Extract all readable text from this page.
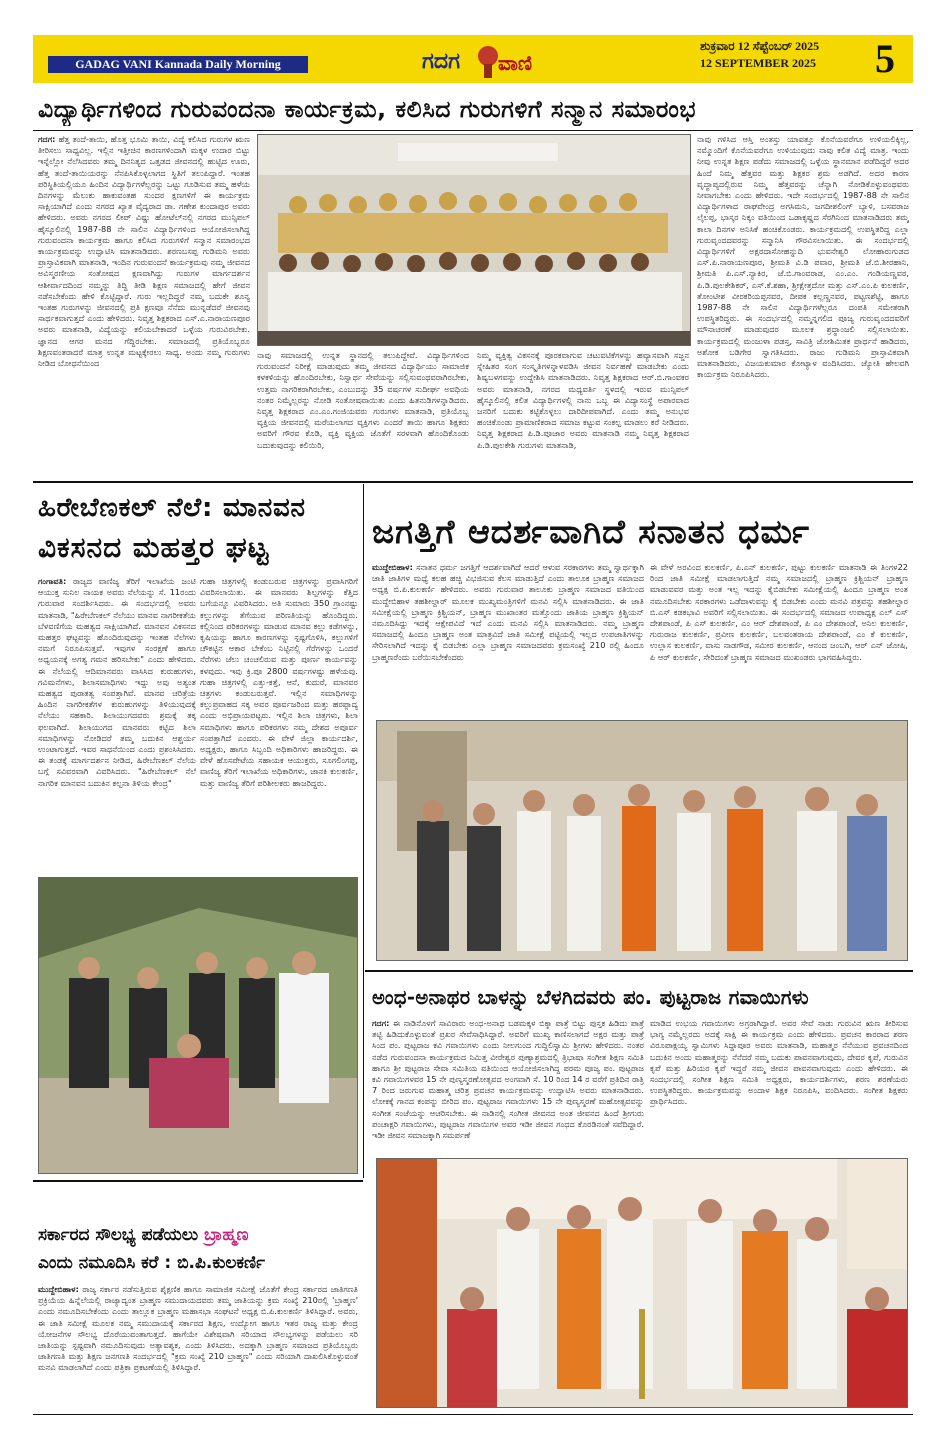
GADAG VANI Kannada Daily Morning	ಗದಗ ವಾಣಿ
ಶುಕ್ರವಾರ 12 ಸೆಪ್ಟೆಂಬರ್ 2025
12 SEPTEMBER 2025	5
ವಿದ್ಯಾರ್ಥಿಗಳಿಂದ ಗುರುವಂದನಾ ಕಾರ್ಯಕ್ರಮ, ಕಲಿಸಿದ ಗುರುಗಳಿಗೆ ಸನ್ಮಾನ ಸಮಾರಂಭ
ಗದಗ: ಹೆತ್ತ ತಂದೆ-ತಾಯಿ, ಹೊತ್ತ ಭೂಮಿ ತಾಯಿ, ವಿದ್ಯೆ ಕಲಿಸಿದ ಗುರುಗಳ ಋಣ ತೀರಿಸಲು ಸಾಧ್ಯವಿಲ್ಲ. ಇಲ್ಲಿನ ಇತ್ತೀಚಿನ ಕಾರಣಗಳಿಂದಾಗಿ ಮಕ್ಕಳ ಉದಾರ ಬಿಟ್ಟು ಇನ್ನೆಲ್ಲೋ ನೆಲೆಸಿದವರು ತಮ್ಮ ದಿನನಿತ್ಯದ ಒತ್ತಡದ ಜೀವನದಲ್ಲಿ ಹುಟ್ಟಿದ ಊರು, ಹೆತ್ತ ತಂದೆ-ತಾಯಿಯರನ್ನು ನೆನಪಿಸಿಕೊಳ್ಳಲಾಗದ ಸ್ಥಿತಿಗೆ ತಲುಪಿದ್ದಾರೆ. ಇಂತಹ ಪರಿಸ್ಥಿತಿಯಲ್ಲಿಯೂ ಹಿಂದಿನ ವಿದ್ಯಾರ್ಥಿಗಳೆಲ್ಲರನ್ನು ಒಟ್ಟು ಗೂಡಿಸುವ ತಮ್ಮ ಹಳೆಯ ದಿನಗಳನ್ನು ಮೆಲುಕು ಹಾಕುವಂತಹ ಸುಂದರ ಕ್ಷಣಗಳಿಗೆ ಈ ಕಾರ್ಯಕ್ರಮ ಸಾಕ್ಷಿಯಾಗಿದೆ ಎಂದು ನಗರದ ಖ್ಯಾತ ವೈದ್ಯರಾದ ಡಾ. ಗಣೇಶ ಕುಂದಾಪುರ ಅವರು ಹೇಳಿದರು. ಅವರು ನಗರದ ಲೀಪ್ ವಿಷ್ಣು ಹೋಟೆಲ್‌ನಲ್ಲಿ ನಗರದ ಮುನ್ಸಿಪಲ್ ಹೈಸ್ಕೂಲಿನಲ್ಲಿ 1987-88 ನೇ ಸಾಲಿನ ವಿದ್ಯಾರ್ಥಿಗಳಿಂದ ಆಯೋಜಿಸಲಾಗಿದ್ದ ಗುರುವಂದನಾ ಕಾರ್ಯಕ್ರಮ ಹಾಗೂ ಕಲಿಸಿದ ಗುರುಗಳಿಗೆ ಸನ್ಮಾನ ಸಮಾರಂಭದ ಕಾರ್ಯಕ್ರಮವನ್ನು ಉದ್ಘಾಟಿಸಿ ಮಾತನಾಡಿದರು. ಶರಣಬಸಪ್ಪ ಗುಡಿಮನಿ ಅವರು ಪ್ರಾಸ್ತಾವಿಕವಾಗಿ ಮಾತನಾಡಿ, ಇಂದಿನ ಗುರುವಂದನೆ ಕಾರ್ಯಕ್ರಮವು ನಮ್ಮ ಜೀವನದ ಅವಿಸ್ಮರಣೀಯ ಸಂತೋಷದ ಕ್ಷಣವಾಗಿದ್ದು ಗುರುಗಳ ಮಾರ್ಗದರ್ಶನ ಆಶೀರ್ವಾದದಿಂದ ನಮ್ಮನ್ನು ತಿದ್ದಿ ತೀಡಿ ಶಿಕ್ಷಣ ಸಮಾಜದಲ್ಲಿ ಹೇಗೆ ಜೀವನ ನಡೆಸಬೇಕೆಂದು ಹೇಳಿ ಕೊಟ್ಟಿದ್ದಾರೆ. ಗುರು ಇಲ್ಲದಿದ್ದರೆ ನಮ್ಮ ಬದುಕೇ ಶೂನ್ಯ ಇಂತಹ ಗುರುಗಳನ್ನು ಜೀವನದಲ್ಲಿ ಪ್ರತಿ ಕ್ಷಣವೂ ನೆನೆದು ಮುನ್ನಡೆದರೆ ಜೀವನವು ಸಾರ್ಥಕವಾಗುತ್ತದೆ ಎಂದು ಹೇಳಿದರು. ನಿವೃತ್ತ ಶಿಕ್ಷಕರಾದ ಎಸ್.ಎ.ನಾರಾಯಣಪೂರ ಅವರು ಮಾತನಾಡಿ, ವಿದ್ಯೆಯನ್ನು ಕಲಿಯಬೇಕಾದರೆ ಒಳ್ಳೆಯ ಗುರುವಿರಬೇಕು. ಜ್ಞಾನದ ಆಗರ ಮನದ ಗೆದ್ದಿರಬೇಕು. ಸಮಾಜದಲ್ಲಿ ಪ್ರತಿಯೊಬ್ಬರೂ ಶಿಕ್ಷಣವಂತರಾದರೆ ಮಾತ್ರ ಉನ್ನತ ಮಟ್ಟಕ್ಕೇರಲು ಸಾಧ್ಯ. ಅಂದು ನಮ್ಮ ಗುರುಗಳು ನೀಡಿದ ಬೋಧನೆಯಿಂದ
ನಾವು ಸಮಾಜದಲ್ಲಿ ಉನ್ನತ ಸ್ಥಾನದಲ್ಲಿ ತಲುಪಿದ್ದೇವೆ. ವಿದ್ಯಾರ್ಥಿಗಳಿಂದ ಗುರುವಂದನೆ ನಿರೀಕ್ಷೆ ಮಾಡುವುದು ತಮ್ಮ ಜೀವನದ ವಿದ್ಯಾರ್ಥಿಯು ಸಾಮಾಜಿಕ ಕಳಕಳಿಯನ್ನು ಹೊಂದಿರಬೇಕು, ನಿಸ್ವಾರ್ಥ ಸೇವೆಯನ್ನು ಸಲ್ಲಿಸುವಂಥವರಾಗಿರಬೇಕು, ಉತ್ತಮ ನಾಗರಿಕರಾಗಿರಬೇಕು, ಎಂಬುದನ್ನು 35 ವರ್ಷಗಳ ಸುದೀರ್ಘ ಅವಧಿಯ ನಂತರ ನಿಮ್ಮೆಲ್ಲರನ್ನು ನೋಡಿ ಸಂತೋಷವಾಯಿತು ಎಂದು ಹಿತನುಡಿಗಳನ್ನಾಡಿದರು. ನಿವೃತ್ತ ಶಿಕ್ಷಕರಾದ ಎಂ.ಎಂ.ಗಂಜಿಯವರು ಗುರುಗಳು ಮಾತನಾಡಿ, ಪ್ರತಿಯೊಬ್ಬ ವ್ಯಕ್ತಿಯ ಜೀವನದಲ್ಲಿ ಮರೆಯಲಾಗದ ವ್ಯಕ್ತಿಗಳು ಎಂದರೆ ತಾಯಿ ಹಾಗೂ ಶಿಕ್ಷಕರು ಅವರಿಗೆ ಗೌರವ ಕೊಡಿ, ವ್ಯಕ್ತಿ ವ್ಯಕ್ತಿಯ ಜೊತೆಗೆ ಸರಳವಾಗಿ ಹೊಂದಿಕೊಂಡು ಬದುಕುವುದನ್ನು ಕಲಿಯಿರಿ,
ನಿಮ್ಮ ವ್ಯಕ್ತಿತ್ವ ವಿಕಸನಕ್ಕೆ ಪೂರಕವಾಗುವ ಚಟುವಟಿಕೆಗಳನ್ನು ಹವ್ಯಾಸವಾಗಿ ಸಜ್ಜನ ಸ್ನೇಹಿತರ ಸಂಗ ಸಂಸ್ಕೃತಿಗಳನ್ನಾಳವಡಿಸಿ ಜೀವನ ನಿರ್ವಹಣೆ ಮಾಡಬೇಕು ಎಂದು ಶಿಷ್ಯಬಳಗವನ್ನು ಉದ್ದೇಶಿಸಿ ಮಾತನಾಡಿದರು. ನಿವೃತ್ತ ಶಿಕ್ಷಕರಾದ ಆರ್.ಬಿ.ಗಾಂವಕರ ಅವರು ಮಾತನಾಡಿ, ನಗರದ ಮಧ್ಯವರ್ತಿ ಸ್ಥಳದಲ್ಲಿ ಇರುವ ಮುನ್ಸಿಪಲ್ ಹೈಸ್ಕೂಲಿನಲ್ಲಿ ಕಲಿತ ವಿದ್ಯಾರ್ಥಿಗಳಲ್ಲಿ ನಾನು ಒಬ್ಬ ಈ ವಿದ್ಯಾಸಂಸ್ಥೆ ಅಪಾರವಾದ ಜನರಿಗೆ ಬದುಕು ಕಟ್ಟಿಕೊಳ್ಳಲು ದಾರಿದೀಪವಾಗಿದೆ. ಎಂದು ತಮ್ಮ ಅನುಭವ ಹಂಚಿಕೊಂಡು ಪ್ರಾಮಾಣಿಕರಾದ ಸಮಾಜ ಕಟ್ಟುವ ಸಂಕಲ್ಪ ಮಾಡಲು ಕರೆ ನೀಡಿದರು. ನಿವೃತ್ತ ಶಿಕ್ಷಕರಾದ ಪಿ.ಡಿ.ಪೂಜಾರ ಅವರು ಮಾತನಾಡಿ ನಮ್ಮ ನಿವೃತ್ತ ಶಿಕ್ಷಕರಾದ ಪಿ.ಡಿ.ಪುಲಕೇಶಿ ಗುರುಗಳು ಮಾತನಾಡಿ,
ನಾವು ಗಳಿಸಿದ ಆಸ್ತಿ ಅಂತಸ್ತು ಯಾವತ್ತೂ ಕೊನೆಯವರೆಗೂ ಉಳಿಯಲಿಕ್ಕಿಲ್ಲ, ನಮ್ಮೊಂದಿಗೆ ಕೊನೆಯವರೆಗೂ ಉಳಿಯುವುದು ನಾವು ಕಲಿತ ವಿದ್ಯೆ ಮಾತ್ರ. ಇಂದು ನೀವು ಉನ್ನತ ಶಿಕ್ಷಣ ಪಡೆದು ಸಮಾಜದಲ್ಲಿ ಒಳ್ಳೆಯ ಸ್ಥಾನಮಾನ ಪಡೆದಿದ್ದರೆ ಅದರ ಹಿಂದೆ ನಿಮ್ಮ ಹೆತ್ತವರ ಮತ್ತು ಶಿಕ್ಷಕರ ಶ್ರಮ ಅಡಗಿದೆ. ಅದರ ಕಾರಣ ವೃದ್ಧಾಪ್ಯದಲ್ಲಿರುವ ನಿಮ್ಮ ಹೆತ್ತವರನ್ನು ಚೆನ್ನಾಗಿ ನೋಡಿಕೊಳ್ಳುವಂಥವರು ನೀವಾಗಬೇಕು ಎಂದು ಹೇಳಿದರು. ಇದೇ ಸಂದರ್ಭದಲ್ಲಿ 1987-88 ನೇ ಸಾಲಿನ ವಿದ್ಯಾರ್ಥಿಗಳಾದ ರಾಘವೇಂದ್ರ ಅಗಸಿಮನಿ, ಜಗದೀಶಲಿಂಗ್ ಬ್ಯಾಳಿ, ಬಸವರಾಜ ಲೈಲಪ್ಪ, ಭಾಸ್ಕರ ನಿಕ್ಕಂ ವತಿಯಿಂದ ಒಡಾಕೃಷ್ಣದ ಸೆರಗಿನಿಂದ ಮಾತನಾಡಿದರು ತಮ್ಮ ಕಾಲಾ ದಿನಗಳ ಅನಿಸಿಕೆ ಹಂಚಿಕೊಂಡರು. ಕಾರ್ಯಕ್ರಮದಲ್ಲಿ ಉಪಸ್ಥಿತರಿದ್ದ ಎಲ್ಲಾ ಗುರುವೃಂದದವರನ್ನು ಸನ್ಮಾನಿಸಿ ಗೌರವಿಸಲಾಯಿತು. ಈ ಸಂದರ್ಭದಲ್ಲಿ ವಿದ್ಯಾರ್ಥಿಗಳಿಗೆ ಅಕ್ಷರದಾಸೋಹನ್ನುದಿ ಭುವನೇಶ್ವರಿ ಲೋಹಾರುಗುಡದ ಎಸ್.ಪಿ.ನಾರಾಯಣಪೂರ, ಶ್ರೀಮತಿ ವಿ.ಡಿ ಪವಾರ, ಶ್ರೀಮತಿ ಜೆ.ಬಿ.ಶೀರಹಾನಿ, ಶ್ರೀಮತಿ ಪಿ.ಎಸ್.ನ್ಯಾಕಿರ, ಜೆ.ಬಿ.ಗಾಂವರಾಡ, ಎಂ.ಎಂ. ಗಂಡಿಯಣ್ಣವರ, ಪಿ.ಡಿ.ಪುಲಕೇಶಿಕರ್, ಎಸ್.ಕೆ.ಶಹಾ, ಶ್ರೀಕ್ಷೇತ್ರದೋ ಮತ್ತು ಎಸ್.ಎಂ.ಪಿ ಕುಲಕರ್ಣಿ, ತೋಂಟೀಶ ವೀರಕರಿಯಪ್ಪನವರ, ದೀಪಕ ಕಲ್ಲಣ್ಣನವರ, ಪಟ್ಟಣಶೆಟ್ಟಿ, ಹಾಗೂ 1987-88 ನೇ ಸಾಲಿನ ವಿದ್ಯಾರ್ಥಿಗಳೆಲ್ಲರೂ ದಂಪತಿ ಸಮೇತರಾಗಿ ಉಪಸ್ಥಿತರಿದ್ದರು. ಈ ಸಂದರ್ಭದಲ್ಲಿ ನಮ್ಮನ್ನಗಲಿದ ಪೂಜ್ಯ ಗುರುವೃಂದದವರಿಗೆ ಮೌನಾಚರಣೆ ಮಾಡುವುದರ ಮೂಲಕ ಶ್ರದ್ಧಾಂಜಲಿ ಸಲ್ಲಿಸಲಾಯಿತು. ಕಾರ್ಯಕ್ರಮದಲ್ಲಿ ಮಂಜುಳಾ ಪಡಸ್ತ, ಸಾವಿತ್ರಿ ಜೋಶಿಮಿತಕ ಪ್ರಾರ್ಥನೆ ಹಾಡಿದರು, ಅಶೋಕ ಬಡಿಗೇರ ಸ್ವಾಗತಿಸಿದರು. ರಾಜು ಗುಡಿಮನಿ ಪ್ರಾಸ್ತಾವಿಕವಾಗಿ ಮಾತನಾಡಿದರು, ವಿಜಯಕುಮಾರ ಕೋಟ್ಯಾಳ ವಂದಿಸಿದರು. ಜ್ಯೋತಿ ಹೇಲವಗಿ ಕಾರ್ಯಕ್ರಮ ನಿರೂಪಿಸಿದರು.
ಹಿರೇಬೆಣಕಲ್ ನೆಲೆ: ಮಾನವನ
ವಿಕಸನದ ಮಹತ್ತರ ಘಟ್ಟ
ಗಂಗಾವತಿ: ರಾಜ್ಯದ ವಾಣಿಜ್ಯ ತೆರಿಗೆ ಇಲಾಖೆಯ ಜಂಟಿ ಆಯುಕ್ತ ಸುನಿಲ ನಾಯಕ ಅವರು ನೆಲೆಯನ್ನು ಸೆ. 11ರಂದು ಗುರುವಾರ ಸಂದರ್ಶಿಸಿದರು. ಈ ಸಂದರ್ಭದಲ್ಲಿ ಅವರು ಮಾತನಾಡಿ, "ಹಿರೇಬೆಣಕಲ್ ನೆಲೆಯು ಮಾನವ ನಾಗರೀಕತೆಯ ಬೆಳವಣಿಗೆಯ ಮಹತ್ವದ ಸಾಕ್ಷಿಯಾಗಿದೆ. ಮಾನವನ ವಿಕಸನದ ಮಹತ್ತರ ಘಟ್ಟವನ್ನು ಹೊಂದಿರುವುದನ್ನು ಇಂತಹ ನೆಲೆಗಳು ನಮಗೆ ನಿರೂಪಿಸುತ್ತವೆ. ಇವುಗಳ ಸಂರಕ್ಷಣೆ ಹಾಗೂ ಅಧ್ಯಯನಕ್ಕೆ ಅಗತ್ಯ ಗಮನ ಹರಿಸಬೇಕು" ಎಂದು ಹೇಳಿದರು. ಈ ನೆಲೆಯಲ್ಲಿ ಆದಿಮಾನವರು ವಾಸಿಸಿದ ಕುರುಹುಗಳು, ಗವಿಮನೆಗಳು, ಶಿಲಾಸಮಾಧಿಗಳು ಇದ್ದು ಅವು ಅತ್ಯಂತ ಮಹತ್ವದ ಪುರಾತತ್ವ ಸಂಪತ್ತಾಗಿವೆ. ಮಾನವ ಚರಿತ್ರೆಯ ಹಿಂದಿನ ನಾಗರೀಕತೆಗಳ ಕುರುಹುಗಳನ್ನು ತಿಳಿಯುವುದಕ್ಕೆ ನೆಲೆಯು ಸಹಕಾರಿ. ಶಿಲಾಯುಗದವರು ಶ್ರಮಕ್ಕೆ ತಕ್ಕ ಫಲವಾಗಿದೆ. ಶಿಲಾಯುಗದ ಮಾನವರು ಕಟ್ಟಿದ ಶಿಲಾ ಸಮಾಧಿಗಳನ್ನು ನೋಡಿದರೆ ತಮ್ಮ ಬದುಕಿನ ಆಶ್ಚರ್ಯ ಉಂಟಾಗುತ್ತದೆ. ಇವರ ಸಾಧನೆಯಿಂದ ಎಂದು ಪ್ರಶಂಸಿಸಿದರು. ಈ ತಂಡಕ್ಕೆ ಮಾರ್ಗದರ್ಶನ ನೀಡಿದ, ಹಿರೇಬೆಣಕಲ್ ನೆಲೆಯ ಬಗ್ಗೆ ಸವಿವರವಾಗಿ ವಿವರಿಸಿದರು. "ಹಿರೇಬೆಣಕಲ್ ನೆಲೆ ನಾಗರಿಕ ಮಾನವನ ಬದುಕಿನ ಕಲ್ಪನಾ ತಿಳಿಯ ಕೇಂದ್ರ"
ಗುಹಾ ಚಿತ್ರಗಳಲ್ಲಿ ಕಂಡುಬರುವ ಚಿತ್ರಗಳನ್ನು ಪ್ರವಾಸಿಗರಿಗೆ ವಿವರಿಸಲಾಯಿತು. ಈ ಮಾನವರು ಶಿಲ್ಪಗಳನ್ನು ಕೆತ್ತಿದ ಬಗೆಯನ್ನೂ ವಿವರಿಸಿದರು. ಅತಿ ಸುಮಾರು 350 ಗ್ರಾಂನಷ್ಟು ಕಲ್ಲುಗಳನ್ನು ತೆಗೆಯುವ ಪರಿಣತಿಯನ್ನು ಹೊಂದಿದ್ದರು. ಕಲ್ಲಿನಿಂದ ಪರಿಕರಗಳನ್ನು ಮಾಡುವ ಮಾನವ ಕಲ್ಲು ಕಡೆಗಳನ್ನು, ಕೃಷಿಯನ್ನು ಹಾಗೂ ಕಾರಣಗಳನ್ನು ಸ್ಪಷ್ಟಗೊಳಿಸಿ, ಕಲ್ಲುಗಳಿಗೆ ಚೌಕಟ್ಟಿನ ಆಕಾರ ಬೇಕೆಂಬ ನಿಟ್ಟಿನಲ್ಲಿ ಗೆರೆಗಳನ್ನು ಒಂದರೆ ನೆರೆಗಳು ಜೆಲು ಚಂಚಲಿರುವ ಮತ್ತು ಪೂರ್ಣ ಕಾರ್ಯವನ್ನು ಕಳವುದು. ಇವು ಕ್ರಿ.ಪೂ 2800 ವರ್ಷಗಳಷ್ಟು ಹಳೆಯವು. ಗುಹಾ ಚಿತ್ರಗಳಲ್ಲಿ ಎತ್ತು-ಕತ್ತೆ, ಆನೆ, ಕುದುರೆ, ಮಾನವರ ಚಿತ್ರಗಳು ಕಂಡುಬರುತ್ತವೆ. ಇಲ್ಲಿನ ಸಮಾಧಿಗಳನ್ನು ಕಲ್ಲುಪ್ರವಾಹದ ಸಕ್ಕ ಅವರ ಪೂರ್ವಜರಿಂದ ಮತ್ತು ಹರಪ್ಪಾದ್ಯ ಎಂದು ಅಭಿಪ್ರಾಯಪಟ್ಟರು. ಇಲ್ಲಿನ ಶಿಲಾ ಚಿತ್ರಗಳು, ಶಿಲಾ ಸಮಾಧಿಗಳು ಹಾಗೂ ಪರಿಕರಗಳು ನಮ್ಮ ದೇಶದ ಅಪೂರ್ವ ಸಂಪತ್ತಾಗಿದೆ ಎಂದರು. ಈ ವೇಳೆ ಜಿಲ್ಲಾ ಕಾರ್ಯದರ್ಶಿ, ಅಧ್ಯಕ್ಷರು, ಹಾಗೂ ಸಿಬ್ಬಂದಿ ಅಧಿಕಾರಿಗಳು ಹಾಜರಿದ್ದರು. ಈ ವೇಳೆ ಹೊಸಪೇಟೆಯ ಸಹಾಯಕ ಆಯುಕ್ತರು, ಸೂಗಲಿಂಗಪ್ಪ, ವಾಣಿಜ್ಯ ತೆರಿಗೆ ಇಲಾಖೆಯ ಅಧಿಕಾರಿಗಳು, ಜಾನಕಿ ಕುಲಕರ್ಣಿ, ಮತ್ತು ವಾಣಿಜ್ಯ ತೆರಿಗೆ ಪರಿಶೀಲಕರು ಹಾಜರಿದ್ದರು.
ಸರ್ಕಾರದ ಸೌಲಭ್ಯ ಪಡೆಯಲು ಬ್ರಾಹ್ಮಣ
ಎಂದು ನಮೂದಿಸಿ ಕರೆ : ಬಿ.ಪಿ.ಕುಲಕರ್ಣಿ
ಮುದ್ದೇಬಿಹಾಳ: ರಾಜ್ಯ ಸರ್ಕಾರ ನಡೆಸುತ್ತಿರುವ ಶೈಕ್ಷಣಿಕ ಹಾಗೂ ಸಾಮಾಜಿಕ ಸಮೀಕ್ಷೆ ಜೊತೆಗೆ ಕೇಂದ್ರ ಸರ್ಕಾರದ ಜಾತಿಗಣತಿ ಪ್ರಕ್ರಿಯೆಯ ಹಿನ್ನೆಲೆಯಲ್ಲಿ ರಾಜ್ಯಾದ್ಯಂತ ಬ್ರಾಹ್ಮಣ ಸಮುದಾಯದವರು ತಮ್ಮ ಜಾತಿಯನ್ನು ಕ್ರಮ ಸಂಖ್ಯೆ 210ರಲ್ಲಿ 'ಬ್ರಾಹ್ಮಣ' ಎಂದು ನಮೂದಿಸಬೇಕೆಂದು ಎಂದು ತಾಲ್ಲೂಕ ಬ್ರಾಹ್ಮಣ ಮಹಾಸಭಾ ಸಂಘಟನೆ ಅಧ್ಯಕ್ಷ ಬಿ.ಪಿ.ಕುಲಕರ್ಣಿ ತಿಳಿಸಿದ್ದಾರೆ. ಅವರು, ಈ ಜಾತಿ ಸಮೀಕ್ಷೆ ಮೂಲಕ ನಮ್ಮ ಸಮುದಾಯಕ್ಕೆ ಸರ್ಕಾರದ ಶಿಕ್ಷಣ, ಉದ್ಯೋಗ ಹಾಗೂ ಇತರ ರಾಜ್ಯ ಮತ್ತು ಕೇಂದ್ರ ಯೋಜನೆಗಳ ಸೌಲಭ್ಯ ದೊರೆಯುವಂತಾಗುತ್ತದೆ. ಹಾಗೆಯೇ ವಿಶೇಷವಾಗಿ ಸರಿಯಾದ ಸೌಲಭ್ಯಗಳನ್ನು ಪಡೆಯಲು ಸರಿ ಜಾತಿಯನ್ನು ಸ್ಪಷ್ಟವಾಗಿ ನಮೂದಿಸುವುದು ಅತ್ಯಾವಶ್ಯಕ, ಎಂದು ತಿಳಿಸಿದರು. ಅದಕ್ಕಾಗಿ ಬ್ರಾಹ್ಮಣ ಸಮಾಜದ ಪ್ರತಿಯೊಬ್ಬರು ಜಾತಿಗಣತಿ ಮತ್ತು ಶಿಕ್ಷಣ ಜನಗಣತಿ ಸಂದರ್ಭದಲ್ಲಿ "ಕ್ರಮ ಸಂಖ್ಯೆ 210 ಬ್ರಾಹ್ಮಣ" ಎಂದು ಸರಿಯಾಗಿ ದಾಖಲಿಸಿಕೊಳ್ಳುವಂತೆ ಮನವಿ ಮಾಡಲಾಗಿದೆ ಎಂದು ಪತ್ರಿಕಾ ಪ್ರಕಟಣೆಯಲ್ಲಿ ತಿಳಿಸಿದ್ದಾರೆ.
ಜಗತ್ತಿಗೆ ಆದರ್ಶವಾಗಿದೆ ಸನಾತನ ಧರ್ಮ
ಮುದ್ದೇಬಿಹಾಳ: ಸನಾತನ ಧರ್ಮ ಜಗತ್ತಿಗೆ ಆದರ್ಶವಾಗಿದೆ ಆದರೆ ಆಳುವ ಸರಕಾರಗಳು ತಮ್ಮ ಸ್ವಾರ್ಥಕ್ಕಾಗಿ ಜಾತಿ ಜಾತಿಗಳ ಮಧ್ಯೆ ಕಲಹ ಹಚ್ಚಿ ವಿಭಜಿಸುವ ಕೆಲಸ ಮಾಡುತ್ತಿದೆ ಎಂದು ತಾಲೂಕ ಬ್ರಾಹ್ಮಣ ಸಮಾಜದ ಅಧ್ಯಕ್ಷ ಬಿ.ಪಿ.ಕುಲಕರ್ಣಿ ಹೇಳಿದರು. ಅವರು ಗುರುವಾರ ತಾಲೂಕು ಬ್ರಾಹ್ಮಣ ಸಮಾಜದ ವತಿಯಿಂದ ಮುದ್ದೇಬಿಹಾಳ ತಹಶೀಲ್ದಾರ್ ಮೂಲಕ ಮುಖ್ಯಮಂತ್ರಿಗಳಿಗೆ ಮನವಿ ಸಲ್ಲಿಸಿ ಮಾತನಾಡಿದರು. ಈ ಜಾತಿ ಸಮೀಕ್ಷೆಯಲ್ಲಿ ಬ್ರಾಹ್ಮಣ ಕ್ರಿಶ್ಚಿಯನ್, ಬ್ರಾಹ್ಮಣ ಮುಖಾಂತರ ಮತ್ತೊಂದು ಜಾತಿಯ ಬ್ರಾಹ್ಮಣ ಕ್ರಿಶ್ಚಿಯನ್ ನಮೂದಿಸಿದ್ದು ಇದಕ್ಕೆ ಆಕ್ಷೇಪವಿದೆ ಇದೆ ಎಂದು ಮನವಿ ಸಲ್ಲಿಸಿ ಮಾತನಾಡಿದರು. ನಮ್ಮ ಬ್ರಾಹ್ಮಣ ಸಮಾಜದಲ್ಲಿ ಹಿಂದೂ ಬ್ರಾಹ್ಮಣ ಅಂತ ಮಾತ್ರವಿದೆ ಜಾತಿ ಸಮೀಕ್ಷೆ ಪಟ್ಟಿಯಲ್ಲಿ ಇಲ್ಲದ ಉಪಜಾತಿಗಳನ್ನು ಸೇರಿಸಲಾಗಿದೆ ಇದನ್ನು ಕೈ ಬಿಡಬೇಕು ಎಲ್ಲಾ ಬ್ರಾಹ್ಮಣ ಸಮಾಜದವರು ಕ್ರಮಸಂಖ್ಯೆ 210 ರಲ್ಲಿ ಹಿಂದೂ ಬ್ರಾಹ್ಮಣರೆಂದು ಬರೆಯಿಸಬೇಕೆಂದರು
ಈ ವೇಳೆ ಅರವಿಂದ ಕುಲಕರ್ಣಿ, ಪಿ.ಎನ್ ಕುಲಕರ್ಣಿ, ಪುಟ್ಟು ಕುಲಕರ್ಣಿ ಮಾತನಾಡಿ ಈ ತಿಂಗಳ22 ರಿಂದ ಜಾತಿ ಸಮೀಕ್ಷೆ ಮಾಡಲಾಗುತ್ತಿದೆ ನಮ್ಮ ಸಮಾಜದಲ್ಲಿ ಬ್ರಾಹ್ಮಣ ಕ್ರಿಶ್ಚಿಯನ್ ಬ್ರಾಹ್ಮಣ ಮಾಡುವವರ ಮತ್ತು ಅಂತ ಇಲ್ಲ ಇದನ್ನು ಕೈಬಿಡಬೇಕು ಸಮೀಕ್ಷೆಯಲ್ಲಿ ಹಿಂದೂ ಬ್ರಾಹ್ಮಣ ಅಂತ ನಮೂದಿಸಬೇಕು ಸರಕಾರಗಳು ಒಡೆದಾಳುವನ್ನು ಕೈ ಬಿಡಬೇಕು ಎಂದು ಮನವಿ ಪತ್ರವನ್ನು ತಹಶೀಲ್ದಾರ ಬಿ.ಎಸ್ ಕಡಕಭಾವಿ ಅವರಿಗೆ ಸಲ್ಲಿಸಲಾಯಿತು. ಈ ಸಂದರ್ಭದಲ್ಲಿ ಸಮಾಜದ ಉಪಾಧ್ಯಕ್ಷ ಎಲ್ ಎಸ್ ದೇಶಪಾಂಡೆ, ಪಿ ಎಸ್ ಕುಲಕರ್ಣಿ, ಎಂ ಆರ್ ದೇಶಪಾಂಡೆ, ಪಿ ಎಂ ದೇಶಪಾಂಡೆ, ಅನಿಲ ಕುಲಕರ್ಣಿ, ಗುರುರಾಜ ಕುಲಕರ್ಣಿ, ಪ್ರವೀಣ ಕುಲಕರ್ಣಿ, ಬಲವಂತರಾಯ ದೇಶಪಾಂಡೆ, ಎಂ ಕೆ ಕುಲಕರ್ಣಿ, ಉಲ್ಲಾಸ ಕುಲಕರ್ಣಿ, ವಾಸು ನಾಡಗೌಡ, ಸಮೀರ ಕುಲಕರ್ಣಿ, ಆನಂದ ಜಂಬಗಿ, ಆರ್ ಎನ್ ಜೋಷಿ, ಪಿ ಆರ್ ಕುಲಕರ್ಣಿ, ಸೇರಿದಂತೆ ಬ್ರಾಹ್ಮಣ ಸಮಾಜದ ಮುಖಂಡರು ಭಾಗವಹಿಸಿದ್ದರು.
ಅಂಧ-ಅನಾಥರ ಬಾಳನ್ನು ಬೆಳಗಿದವರು ಪಂ. ಪುಟ್ಟರಾಜ ಗವಾಯಿಗಳು
ಗದಗ: ಈ ನಾಡಿನೊಳಗೆ ಸಾವಿರಾರು ಅಂಧ-ಅನಾಥ ಬಡಮಕ್ಕಳ ಬಿಕ್ಕಾ ಪಾತ್ರೆ ಬಿಟ್ಟು ಪುಸ್ತಕ ಹಿಡಿದು ಪಾತ್ರೆ ತಟ್ಟಿ ಹಿಡಿದುಕೊಳ್ಳುವಂತೆ ಪ್ರಖರ ಸೇವೆಸಾಧಿಸಿದ್ದಾರೆ. ಅವರಿಗೆ ಮುಖ್ಯ ಕಾಣಿಸಲಾಗದೆ ಅಕ್ಷರ ಮತ್ತು ಪಾತ್ರೆ ಸಿಂದ ಪಂ. ಪುಟ್ಟರಾಜ ಕವಿ ಗವಾಯಿಗಳು ಎಂದು ನೀಲಗುಂದ ಗುದ್ದಿಲಿಸ್ವಾಮಿ ಶ್ರೀಗಳು ಹೇಳಿದರು. ನಂತರ ನಡೆದ ಗುರುವಂದನಾ ಕಾರ್ಯಕ್ರಮದ ನಿಮಿತ್ತ ವೀರೇಶ್ವರ ಪುಣ್ಯಾಶ್ರಮದಲ್ಲಿ ತ್ರಿಭಾಷಾ ಸಂಗೀತ ಶಿಕ್ಷಣ ಸಮಿತಿ ಹಾಗೂ ಶ್ರೀ ಪುಟ್ಟರಾಜ ಸೇವಾ ಸಮಿತಿಯ ವತಿಯಿಂದ ಆಯೋಜಿಸಲಾಗಿದ್ದ ಪರಮ ಪೂಜ್ಯ ಪಂ. ಪುಟ್ಟರಾಜ ಕವಿ ಗವಾಯಿಗಳವರ 15 ನೇ ಪುಣ್ಯಸ್ಮರಣೋತ್ಸವದ ಅಂಗವಾಗಿ ಸೆ. 10 ರಿಂದ 14 ರ ವರೆಗೆ ಪ್ರತಿದಿನ ರಾತ್ರಿ 7 ರಿಂದ ಜರುಗುವ ಮಹಾತ್ಮ ಚರಿತ್ರ ಪ್ರವಚನ ಕಾರ್ಯಕ್ರಮವನ್ನು ಉದ್ಘಾಟಿಸಿ ಅವರು ಮಾತನಾಡಿದರು. ಲೋಕಕ್ಕೆ ಗಾನದ ಕಂಪನ್ನು ಬೀರಿದ ಪಂ. ಪುಟ್ಟರಾಜ ಗವಾಯಿಗಳು 15 ನೇ ಪುಣ್ಯಸ್ಮರಣೆ ಮಹೋತ್ಸವವನ್ನು ಸಂಗೀತ ಸಂಜೆಯನ್ನು ಆಚರಿಸಬೇಕು. ಈ ನಾಡಿನಲ್ಲಿ ಸಂಗೀತ ಜೀವನದ ಅಂತ ಜೀವನದ ಹಿಂದೆ ಶ್ರೀಗುರು ಪಂಚಾಕ್ಷರಿ ಗವಾಯಿಗಳು, ಪುಟ್ಟರಾಜ ಗವಾಯಿಗಳ ಅವರ ಇಡೀ ಜೀವನ ಗಂಧದ ಕೊರಡಿನಂತೆ ಸವೆದಿದ್ದಾರೆ. ಇಡೀ ಜೀವನ ಸಮಾಜಕ್ಕಾಗಿ ಸಮರ್ಪಣೆ
ಮಾಡಿದ ಉಭಯ ಗವಾಯಿಗಳು ಅಗ್ರರಾಗಿದ್ದಾರೆ. ಅವರ ಸೇವೆ ನಾಡು ಗುರುವಿನ ಋಣ ತೀರಿಸುವ ಭಾಗ್ಯ ನಮ್ಮೆಲ್ಲರದು ಅದಕ್ಕೆ ಸಾಕ್ಷಿ ಈ ಕಾರ್ಯಕ್ರಮ ಎಂದು ಹೇಳಿದರು. ಪ್ರವಚನ ಕಾರರಾದ ಶರಣ ವಿರೂಪಾಕ್ಷಯ್ಯ ಸ್ವಾಮಿಗಳು ಸಿದ್ದಾಪೂರ ಅವರು ಮಾತನಾಡಿ, ಮಹಾತ್ಮರ ನೆನೆಯುವ ಪ್ರವಚನದಿಂದ ಬದುಕಿನ ಅಂದು ಮಹಾತ್ಮರನ್ನು ನೆನೆದರೆ ನಮ್ಮ ಬದುಕು ಪಾವನವಾಗುವುದು, ದೇವರ ಕೃಪೆ, ಗುರುವಿನ ಕೃಪೆ ಮತ್ತು ಹಿರಿಯರ ಕೃಪೆ ಇದ್ದರೆ ನಮ್ಮ ಜೀವನ ಪಾವನವಾಗುವುದು ಎಂದು ಹೇಳಿದರು. ಈ ಸಂದರ್ಭದಲ್ಲಿ ಸಂಗೀತ ಶಿಕ್ಷಣ ಸಮಿತಿ ಅಧ್ಯಕ್ಷರು, ಕಾರ್ಯದರ್ಶಿಗಳು, ಶರಣ ಶರಣೆಯರು ಉಪಸ್ಥಿತರಿದ್ದರು. ಕಾರ್ಯಕ್ರಮವನ್ನು ಅಂದಾಳ ಶಿಕ್ಷಕ ನಿರೂಪಿಸಿ, ವಂದಿಸಿದರು. ಸಂಗೀತ ಶಿಕ್ಷಕರು ಪ್ರಾರ್ಥಿಸಿದರು.
